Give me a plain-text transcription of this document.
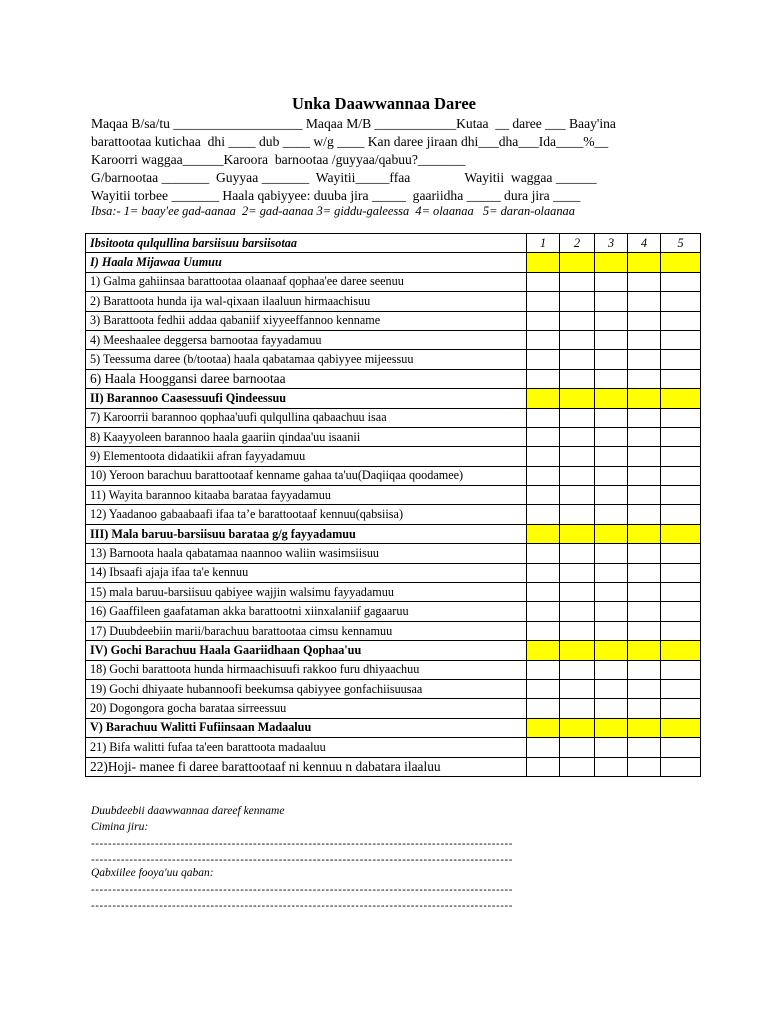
Unka Daawwannaa Daree
Maqaa B/sa/tu ___________________ Maqaa M/B ____________Kutaa  __ daree ___ Baay'ina
barattootaa kutichaa  dhi ____ dub ____ w/g ____ Kan daree jiraan dhi___dha___Ida____%__
Karoorri waggaa______Karoora  barnootaa /guyyaa/qabuu?_______
G/barnootaa _______  Guyyaa _______  Wayitii_____ffaa                Wayitii  waggaa ______
Wayitii torbee _______ Haala qabiyyee: duuba jira _____  gaariidha _____ dura jira ____
Ibsa:- 1= baay'ee gad-aanaa  2= gad-aanaa 3= giddu-galeessa  4= olaanaa   5= daran-olaanaa
Ibsitoota qulqullina barsiisuu barsiisotaa	1	2	3	4	5
I) Haala Mijawaa Uumuu					
1) Galma gahiinsaa barattootaa olaanaaf qophaa'ee daree seenuu					
2) Barattoota hunda ija wal-qixaan ilaaluun hirmaachisuu					
3) Barattoota fedhii addaa qabaniif xiyyeeffannoo kenname					
4) Meeshaalee deggersa barnootaa fayyadamuu					
5) Teessuma daree (b/tootaa) haala qabatamaa qabiyyee mijeessuu					
6) Haala Hooggansi daree barnootaa					
II) Barannoo Caasessuufi Qindeessuu					
7) Karoorrii barannoo qophaa'uufi qulqullina qabaachuu isaa					
8) Kaayyoleen barannoo haala gaariin qindaa'uu isaanii					
9) Elementoota didaatikii afran fayyadamuu					
10) Yeroon barachuu barattootaaf kenname gahaa ta'uu(Daqiiqaa qoodamee)					
11) Wayita barannoo kitaaba barataa fayyadamuu					
12) Yaadanoo gabaabaafi ifaa ta’e barattootaaf kennuu(qabsiisa)					
III) Mala baruu-barsiisuu barataa g/g fayyadamuu					
13) Barnoota haala qabatamaa naannoo waliin wasimsiisuu					
14) Ibsaafi ajaja ifaa ta'e kennuu					
15) mala baruu-barsiisuu qabiyee wajjin walsimu fayyadamuu					
16) Gaaffileen gaafataman akka barattootni xiinxalaniif gagaaruu					
17) Duubdeebiin marii/barachuu barattootaa cimsu kennamuu					
IV) Gochi Barachuu Haala Gaariidhaan Qophaa'uu					
18) Gochi barattoota hunda hirmaachisuufi rakkoo furu dhiyaachuu					
19) Gochi dhiyaate hubannoofi beekumsa qabiyyee gonfachiisuusaa					
20) Dogongora gocha barataa sirreessuu					
V) Barachuu Walitti Fufiinsaan Madaaluu					
21) Bifa walitti fufaa ta'een barattoota madaaluu					
22)Hoji- manee fi daree barattootaaf ni kennuu n dabatara ilaaluu					
Duubdeebii daawwannaa dareef kenname
Cimina jiru:
---------------------------------------------------------------------------------------------------
---------------------------------------------------------------------------------------------------
Qabxiilee fooya'uu qaban:
---------------------------------------------------------------------------------------------------
---------------------------------------------------------------------------------------------------
